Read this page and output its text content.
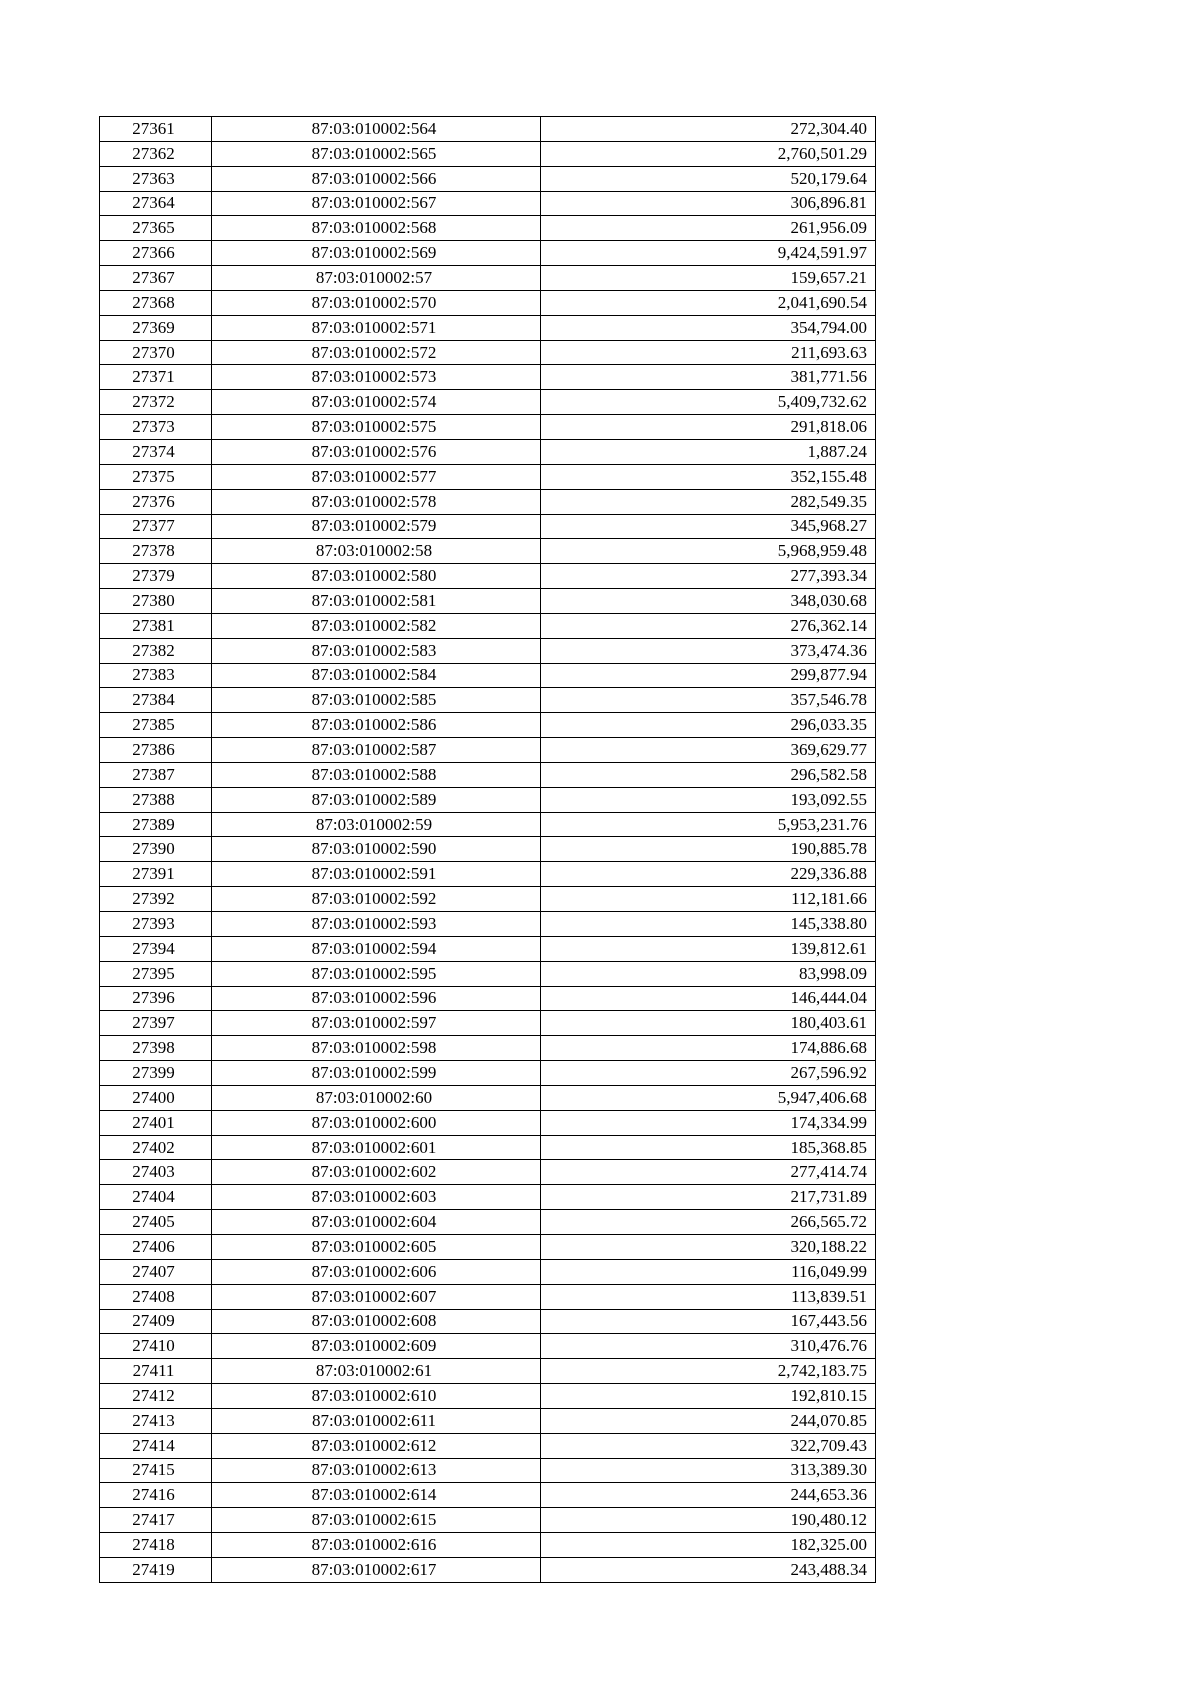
27361	87:03:010002:564	272,304.40
27362	87:03:010002:565	2,760,501.29
27363	87:03:010002:566	520,179.64
27364	87:03:010002:567	306,896.81
27365	87:03:010002:568	261,956.09
27366	87:03:010002:569	9,424,591.97
27367	87:03:010002:57	159,657.21
27368	87:03:010002:570	2,041,690.54
27369	87:03:010002:571	354,794.00
27370	87:03:010002:572	211,693.63
27371	87:03:010002:573	381,771.56
27372	87:03:010002:574	5,409,732.62
27373	87:03:010002:575	291,818.06
27374	87:03:010002:576	1,887.24
27375	87:03:010002:577	352,155.48
27376	87:03:010002:578	282,549.35
27377	87:03:010002:579	345,968.27
27378	87:03:010002:58	5,968,959.48
27379	87:03:010002:580	277,393.34
27380	87:03:010002:581	348,030.68
27381	87:03:010002:582	276,362.14
27382	87:03:010002:583	373,474.36
27383	87:03:010002:584	299,877.94
27384	87:03:010002:585	357,546.78
27385	87:03:010002:586	296,033.35
27386	87:03:010002:587	369,629.77
27387	87:03:010002:588	296,582.58
27388	87:03:010002:589	193,092.55
27389	87:03:010002:59	5,953,231.76
27390	87:03:010002:590	190,885.78
27391	87:03:010002:591	229,336.88
27392	87:03:010002:592	112,181.66
27393	87:03:010002:593	145,338.80
27394	87:03:010002:594	139,812.61
27395	87:03:010002:595	83,998.09
27396	87:03:010002:596	146,444.04
27397	87:03:010002:597	180,403.61
27398	87:03:010002:598	174,886.68
27399	87:03:010002:599	267,596.92
27400	87:03:010002:60	5,947,406.68
27401	87:03:010002:600	174,334.99
27402	87:03:010002:601	185,368.85
27403	87:03:010002:602	277,414.74
27404	87:03:010002:603	217,731.89
27405	87:03:010002:604	266,565.72
27406	87:03:010002:605	320,188.22
27407	87:03:010002:606	116,049.99
27408	87:03:010002:607	113,839.51
27409	87:03:010002:608	167,443.56
27410	87:03:010002:609	310,476.76
27411	87:03:010002:61	2,742,183.75
27412	87:03:010002:610	192,810.15
27413	87:03:010002:611	244,070.85
27414	87:03:010002:612	322,709.43
27415	87:03:010002:613	313,389.30
27416	87:03:010002:614	244,653.36
27417	87:03:010002:615	190,480.12
27418	87:03:010002:616	182,325.00
27419	87:03:010002:617	243,488.34
